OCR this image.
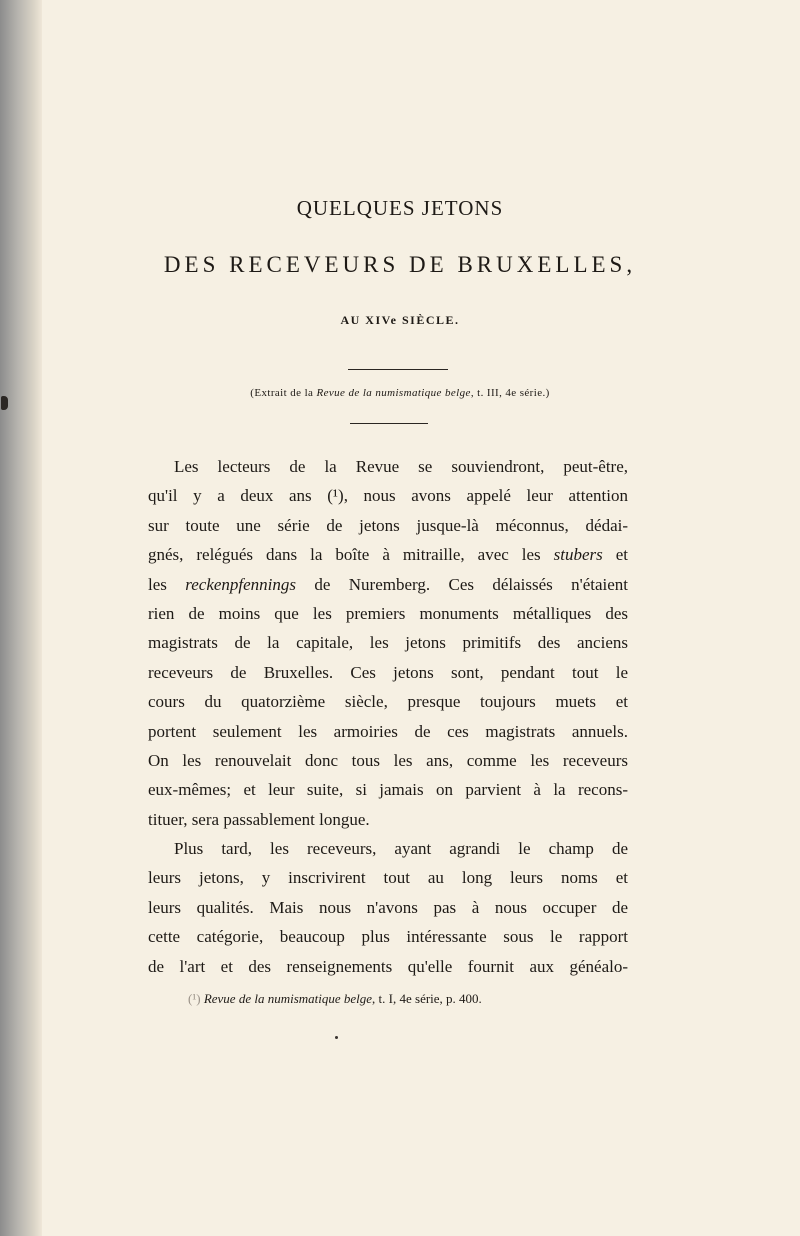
QUELQUES JETONS
DES RECEVEURS DE BRUXELLES,
AU XIVe SIÈCLE.
(Extrait de la Revue de la numismatique belge, t. III, 4e série.)
Les lecteurs de la Revue se souviendront, peut-être,
qu'il y a deux ans (¹), nous avons appelé leur attention
sur toute une série de jetons jusque-là méconnus, dédai-
gnés, relégués dans la boîte à mitraille, avec les stubers et
les reckenpfennings de Nuremberg. Ces délaissés n'étaient
rien de moins que les premiers monuments métalliques des
magistrats de la capitale, les jetons primitifs des anciens
receveurs de Bruxelles. Ces jetons sont, pendant tout le
cours du quatorzième siècle, presque toujours muets et
portent seulement les armoiries de ces magistrats annuels.
On les renouvelait donc tous les ans, comme les receveurs
eux-mêmes; et leur suite, si jamais on parvient à la recons-
tituer, sera passablement longue.
Plus tard, les receveurs, ayant agrandi le champ de
leurs jetons, y inscrivirent tout au long leurs noms et
leurs qualités. Mais nous n'avons pas à nous occuper de
cette catégorie, beaucoup plus intéressante sous le rapport
de l'art et des renseignements qu'elle fournit aux généalo-
(¹) Revue de la numismatique belge, t. I, 4e série, p. 400.
